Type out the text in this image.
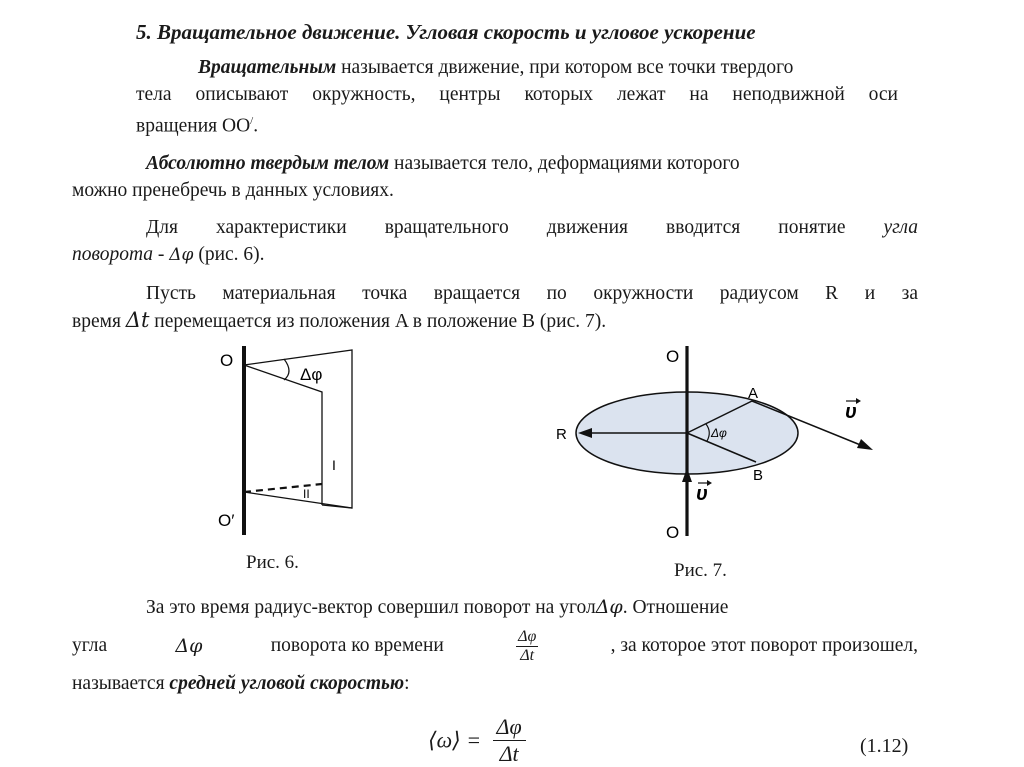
5. Вращательное движение. Угловая скорость и угловое ускорение
Вращательным называется движение, при котором все точки твердого
тела описывают окружность, центры которых лежат на неподвижной оси
вращения OO/.
Абсолютно твердым телом называется тело, деформациями которого
можно пренебречь в данных условиях.
Для характеристики вращательного движения вводится понятие угла
поворота - Δφ (рис. 6).
Пусть материальная точка вращается по окружности радиусом R и за
время Δt перемещается из положения A в положение B (рис. 7).
O
O′
Δφ
I
II
Рис. 6.
O
O
R
A
B
Δφ
υ
υ
Рис. 7.
За это время радиус-вектор совершил поворот на уголΔφ. Отношение
угла	Δφ	поворота ко времени	$\frac{\Delta\varphi}{\Delta t}$	, за которое этот поворот произошел,
называется средней угловой скоростью:
⟨ω⟩ = $\frac{\Delta\varphi}{\Delta t}$	(1.12)
